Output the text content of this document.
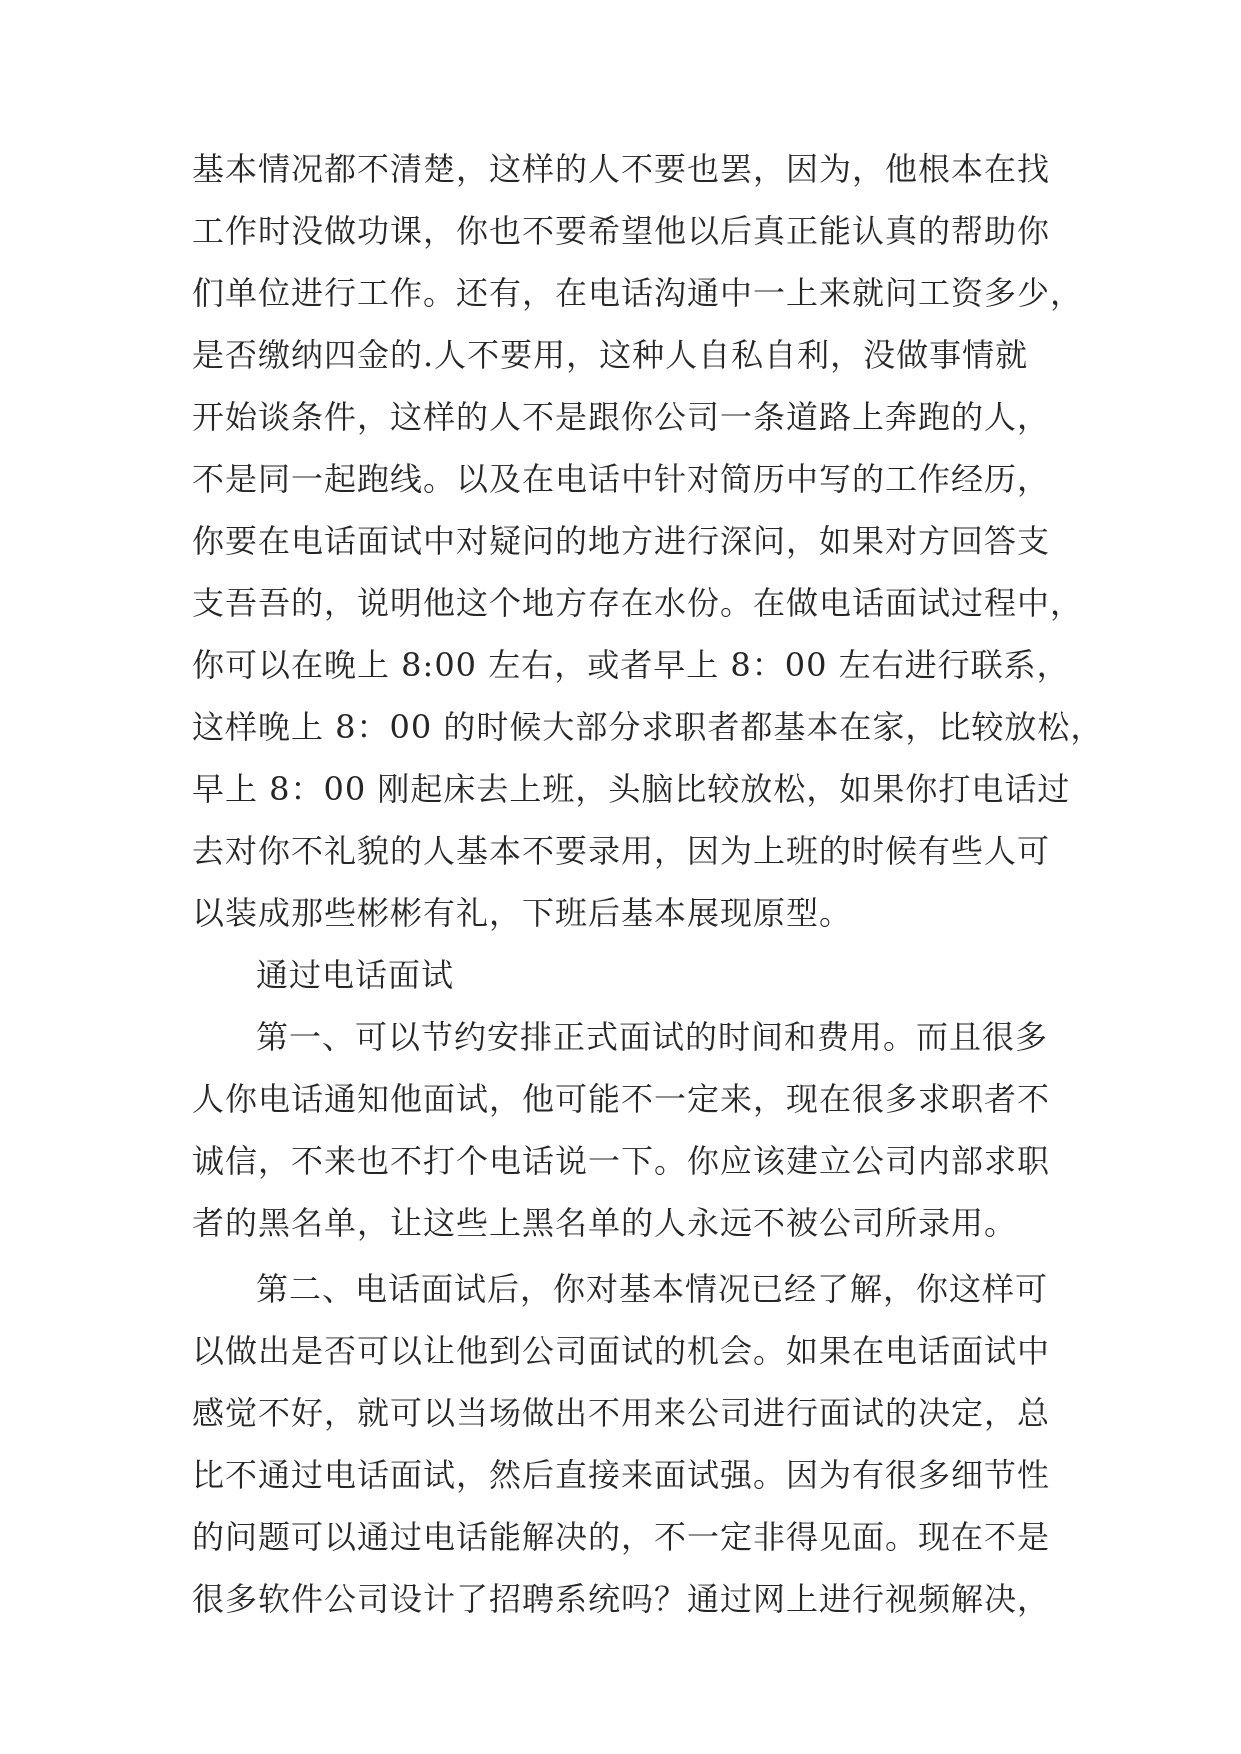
基本情况都不清楚，这样的人不要也罢，因为，他根本在找
工作时没做功课，你也不要希望他以后真正能认真的帮助你
们单位进行工作。还有，在电话沟通中一上来就问工资多少，
是否缴纳四金的.人不要用，这种人自私自利，没做事情就
开始谈条件，这样的人不是跟你公司一条道路上奔跑的人，
不是同一起跑线。以及在电话中针对简历中写的工作经历，
你要在电话面试中对疑问的地方进行深问，如果对方回答支
支吾吾的，说明他这个地方存在水份。在做电话面试过程中，
你可以在晚上 8:00 左右，或者早上 8：00 左右进行联系，
这样晚上 8：00 的时候大部分求职者都基本在家，比较放松，
早上 8：00 刚起床去上班，头脑比较放松，如果你打电话过
去对你不礼貌的人基本不要录用，因为上班的时候有些人可
以装成那些彬彬有礼，下班后基本展现原型。
通过电话面试
第一、可以节约安排正式面试的时间和费用。而且很多
人你电话通知他面试，他可能不一定来，现在很多求职者不
诚信，不来也不打个电话说一下。你应该建立公司内部求职
者的黑名单，让这些上黑名单的人永远不被公司所录用。
第二、电话面试后，你对基本情况已经了解，你这样可
以做出是否可以让他到公司面试的机会。如果在电话面试中
感觉不好，就可以当场做出不用来公司进行面试的决定，总
比不通过电话面试，然后直接来面试强。因为有很多细节性
的问题可以通过电话能解决的，不一定非得见面。现在不是
很多软件公司设计了招聘系统吗？通过网上进行视频解决，
